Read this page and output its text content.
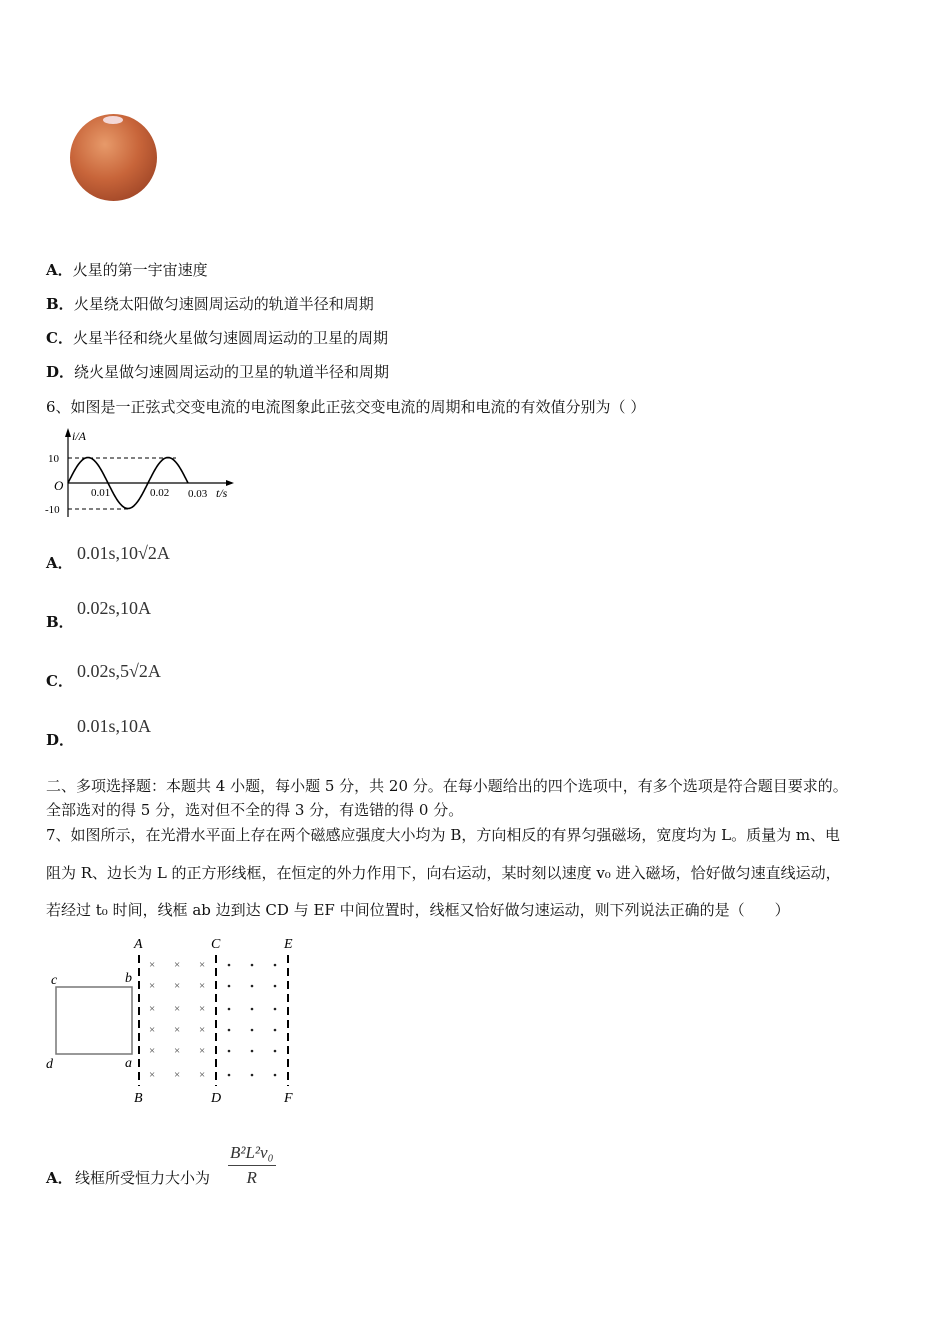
A．火星的第一宇宙速度
B．火星绕太阳做匀速圆周运动的轨道半径和周期
C．火星半径和绕火星做匀速圆周运动的卫星的周期
D．绕火星做匀速圆周运动的卫星的轨道半径和周期
6、如图是一正弦式交变电流的电流图象此正弦交变电流的周期和电流的有效值分别为（ ）
i/A
10
-10
O	0.01	0.02 0.03 t/s
A． 0.01s,10√2A
B．
0.02s,10A
C． 0.02s,5√2A
D．
0.01s,10A
二、多项选择题：本题共 4 小题，每小题 5 分，共 20 分。在每小题给出的四个选项中，有多个选项是符合题目要求的。
全部选对的得 5 分，选对但不全的得 3 分，有选错的得 0 分。
7、如图所示，在光滑水平面上存在两个磁感应强度大小均为 B，方向相反的有界匀强磁场，宽度均为 L。质量为 m、电
阻为 R、边长为 L 的正方形线框，在恒定的外力作用下，向右运动，某时刻以速度 v₀ 进入磁场，恰好做匀速直线运动，
若经过 t₀ 时间，线框 ab 边到达 CD 与 EF 中间位置时，线框又恰好做匀速运动，则下列说法正确的是（　　）
c	b
d	a
A	C	E
B	D	F
× × ×
× × ×
× × ×
× × ×
× × ×
× × ×
A． 线框所受恒力大小为 $\frac{\text{B²L²v₀}}{R}$
